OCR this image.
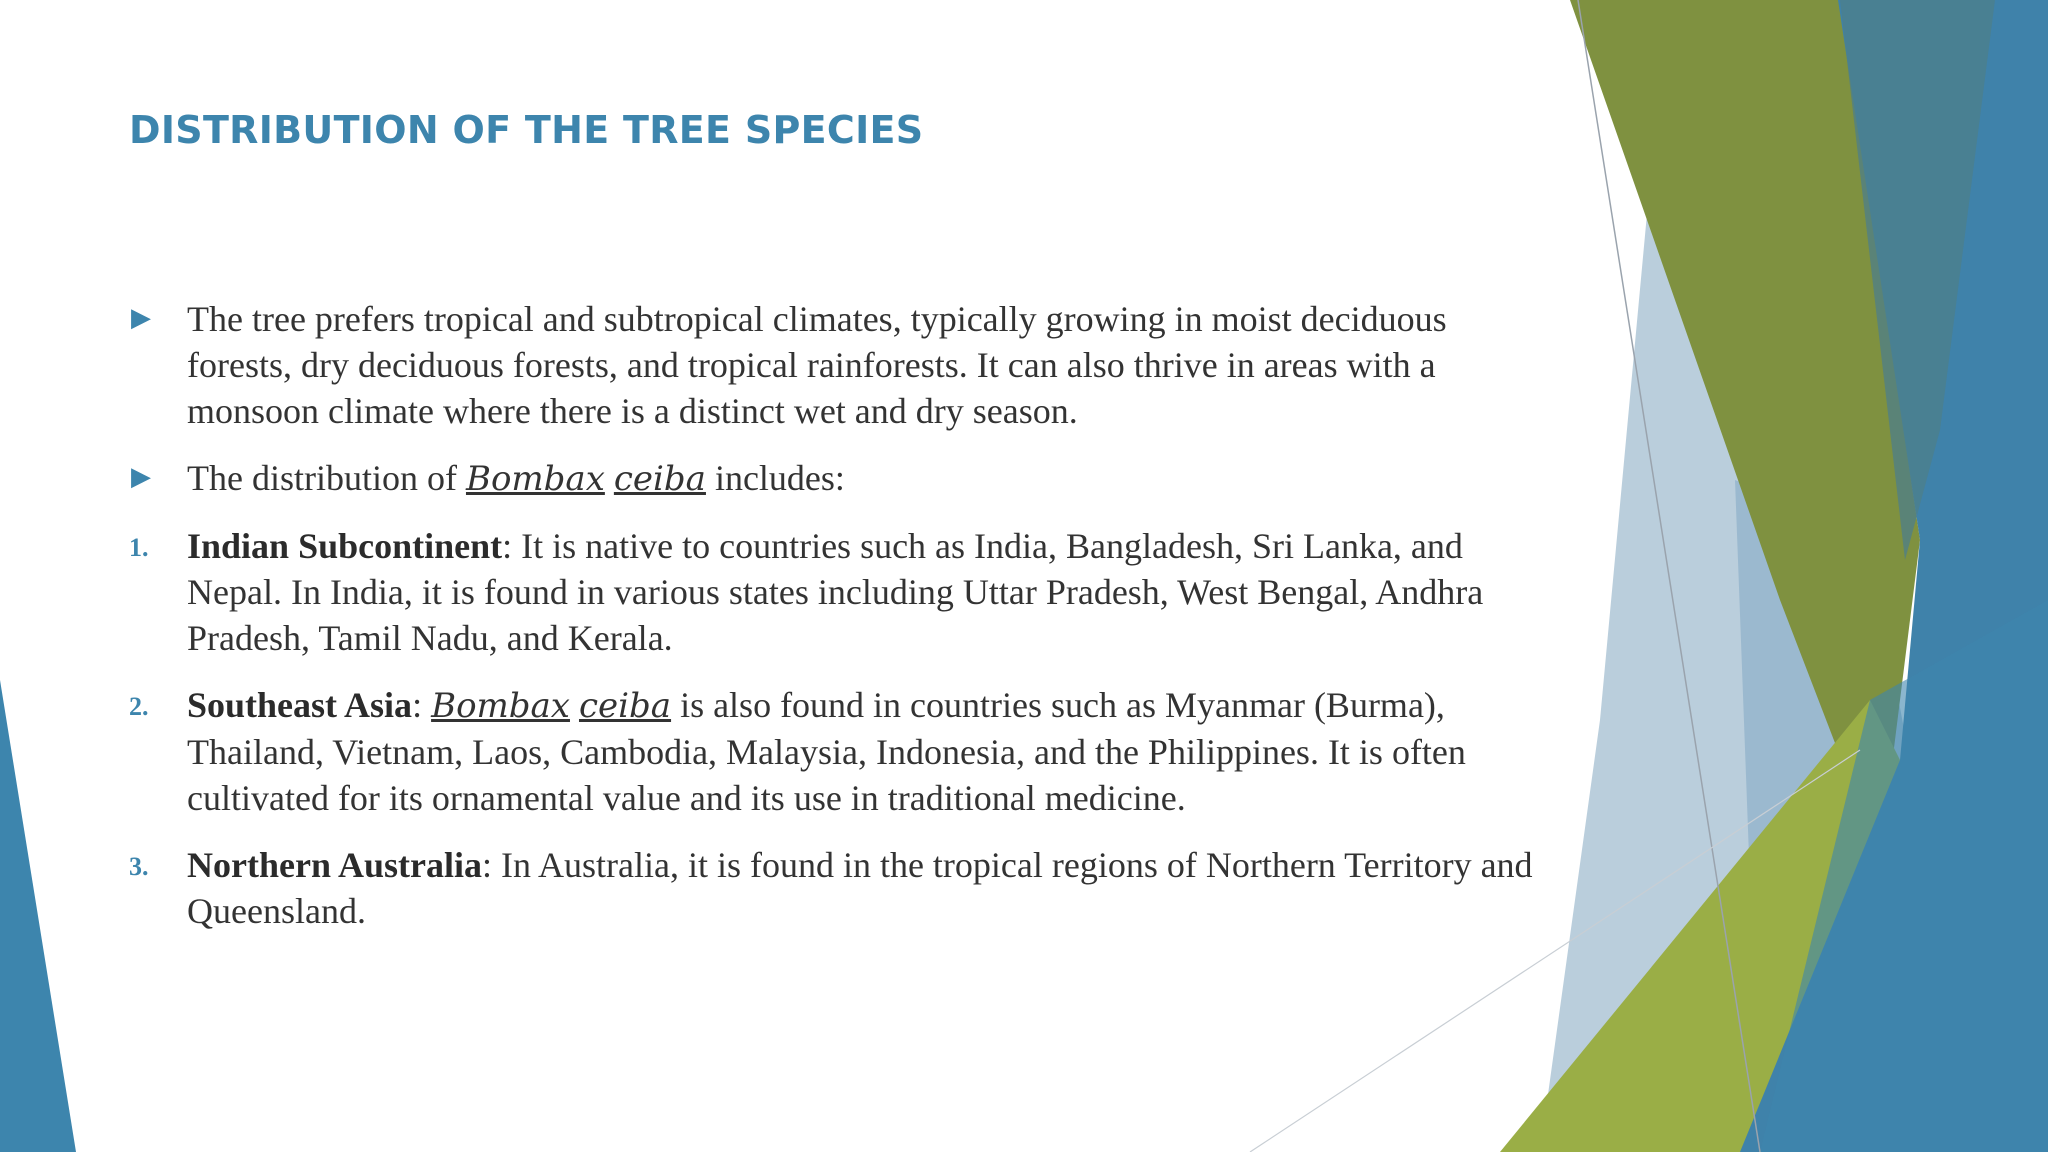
DISTRIBUTION OF THE TREE SPECIES
▶ The tree prefers tropical and subtropical climates, typically growing in moist deciduous forests, dry deciduous forests, and tropical rainforests. It can also thrive in areas with a monsoon climate where there is a distinct wet and dry season.
▶ The distribution of Bombax ceiba includes:
1. Indian Subcontinent: It is native to countries such as India, Bangladesh, Sri Lanka, and Nepal. In India, it is found in various states including Uttar Pradesh, West Bengal, Andhra Pradesh, Tamil Nadu, and Kerala.
2. Southeast Asia: Bombax ceiba is also found in countries such as Myanmar (Burma), Thailand, Vietnam, Laos, Cambodia, Malaysia, Indonesia, and the Philippines. It is often cultivated for its ornamental value and its use in traditional medicine.
3. Northern Australia: In Australia, it is found in the tropical regions of Northern Territory and Queensland.
